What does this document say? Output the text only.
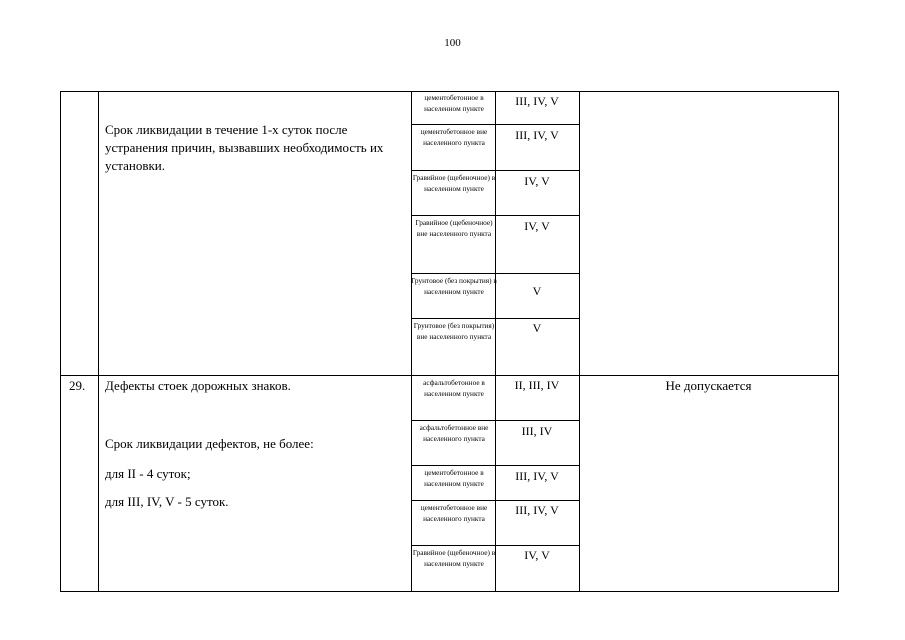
100
Срок ликвидации в течение 1-х суток после устранения причин, вызвавших необходимость их установки.
цементобетонное в населенном пункте
III, IV, V
цементобетонное вне населенного пункта
III, IV, V
Гравийное (щебеночное) в населенном пункте
IV, V
Гравийное (щебеночное) вне населенного пункта
IV, V
Грунтовое (без покрытия) в населенном пункте	V
Грунтовое (без покрытия) вне населенного пункта
V
29.	Дефекты стоек дорожных знаков.
Срок ликвидации дефектов, не более:
для II - 4 суток;
для III, IV, V - 5 суток.
Не допускается
асфальтобетонное в населенном пункте
II, III, IV
асфальтобетонное вне населенного пункта
III, IV
цементобетонное в населенном пункте
III, IV, V
цементобетонное вне населенного пункта
III, IV, V
Гравийное (щебеночное) в населенном пункте
IV, V
